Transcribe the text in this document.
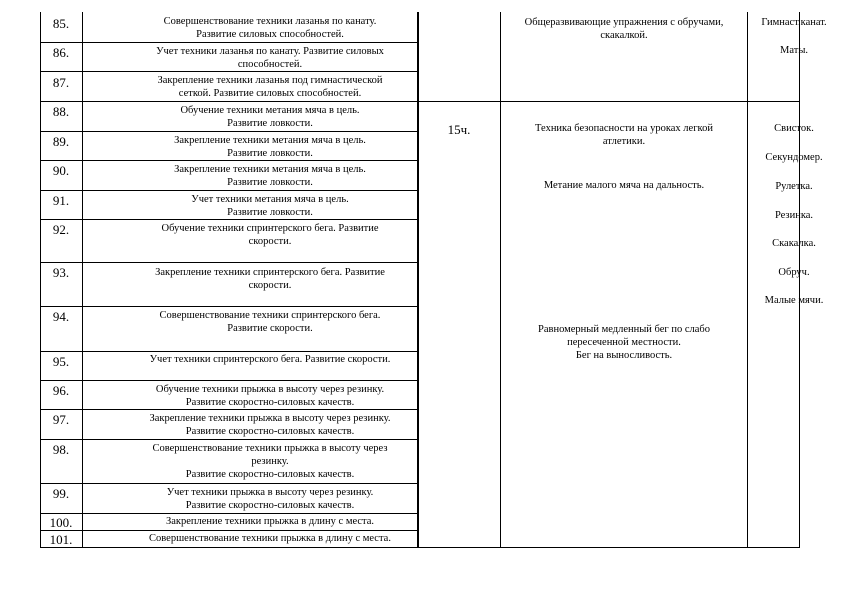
85.
86.
87.
88.
89.
90.
91.
92.
93.
94.
95.
96.
97.
98.
99.
100.
101.
Совершенствование техники лазанья по канату.
Развитие силовых способностей.
Учет техники лазанья по канату. Развитие силовых
способностей.
Закрепление техники лазанья под гимнастической
сеткой. Развитие силовых способностей.
Обучение техники метания мяча в цель.
Развитие ловкости.
Закрепление техники метания мяча в цель.
Развитие ловкости.
Закрепление техники метания мяча в цель.
Развитие ловкости.
Учет техники метания мяча в цель.
Развитие ловкости.
Обучение техники спринтерского бега. Развитие
скорости.
Закрепление техники спринтерского бега. Развитие
скорости.
Совершенствование техники спринтерского бега.
Развитие скорости.
Учет техники спринтерского бега. Развитие скорости.
Обучение техники прыжка в высоту через резинку.
Развитие скоростно-силовых качеств.
Закрепление техники прыжка в высоту через резинку.
Развитие скоростно-силовых качеств.
Совершенствование техники прыжка в высоту через
резинку.
Развитие скоростно-силовых качеств.
Учет техники прыжка в высоту через резинку.
Развитие скоростно-силовых качеств.
Закрепление техники прыжка в длину с места.
Совершенствование техники прыжка в длину с места.
15ч.
Общеразвивающие упражнения с обручами,
скакалкой.
Техника безопасности на уроках легкой
атлетики.
Метание малого мяча на дальность.
Равномерный медленный бег по слабо
пересеченной местности.
Бег на выносливость.
Гимнаст.канат.
Маты.
Свисток.
Секундомер.
Рулетка.
Резинка.
Скакалка.
Обруч.
Малые мячи.
